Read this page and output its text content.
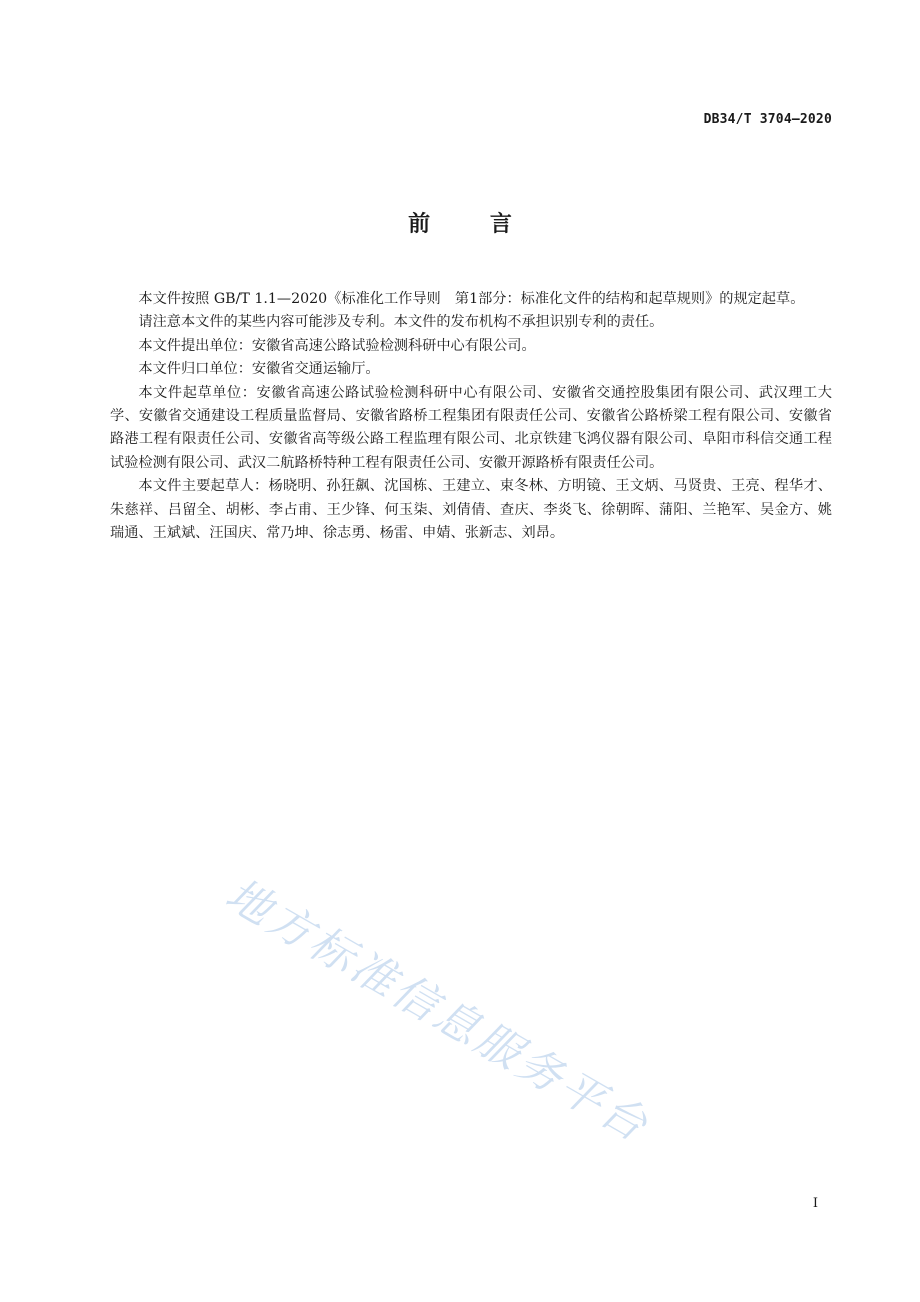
DB34/T 3704—2020
前 言

本文件按照 GB/T 1.1—2020《标准化工作导则　第1部分：标准化文件的结构和起草规则》的规定起草。

请注意本文件的某些内容可能涉及专利。本文件的发布机构不承担识别专利的责任。

本文件提出单位：安徽省高速公路试验检测科研中心有限公司。

本文件归口单位：安徽省交通运输厅。

本文件起草单位：安徽省高速公路试验检测科研中心有限公司、安徽省交通控股集团有限公司、武汉理工大学、安徽省交通建设工程质量监督局、安徽省路桥工程集团有限责任公司、安徽省公路桥梁工程有限公司、安徽省路港工程有限责任公司、安徽省高等级公路工程监理有限公司、北京铁建飞鸿仪器有限公司、阜阳市科信交通工程试验检测有限公司、武汉二航路桥特种工程有限责任公司、安徽开源路桥有限责任公司。

本文件主要起草人：杨晓明、孙狂飙、沈国栋、王建立、束冬林、方明镜、王文炳、马贤贵、王亮、程华才、朱慈祥、吕留全、胡彬、李占甫、王少锋、何玉柒、刘倩倩、查庆、李炎飞、徐朝晖、蒲阳、兰艳军、吴金方、姚瑞通、王斌斌、汪国庆、常乃坤、徐志勇、杨雷、申婧、张新志、刘昂。

地方标准信息服务平台
I
